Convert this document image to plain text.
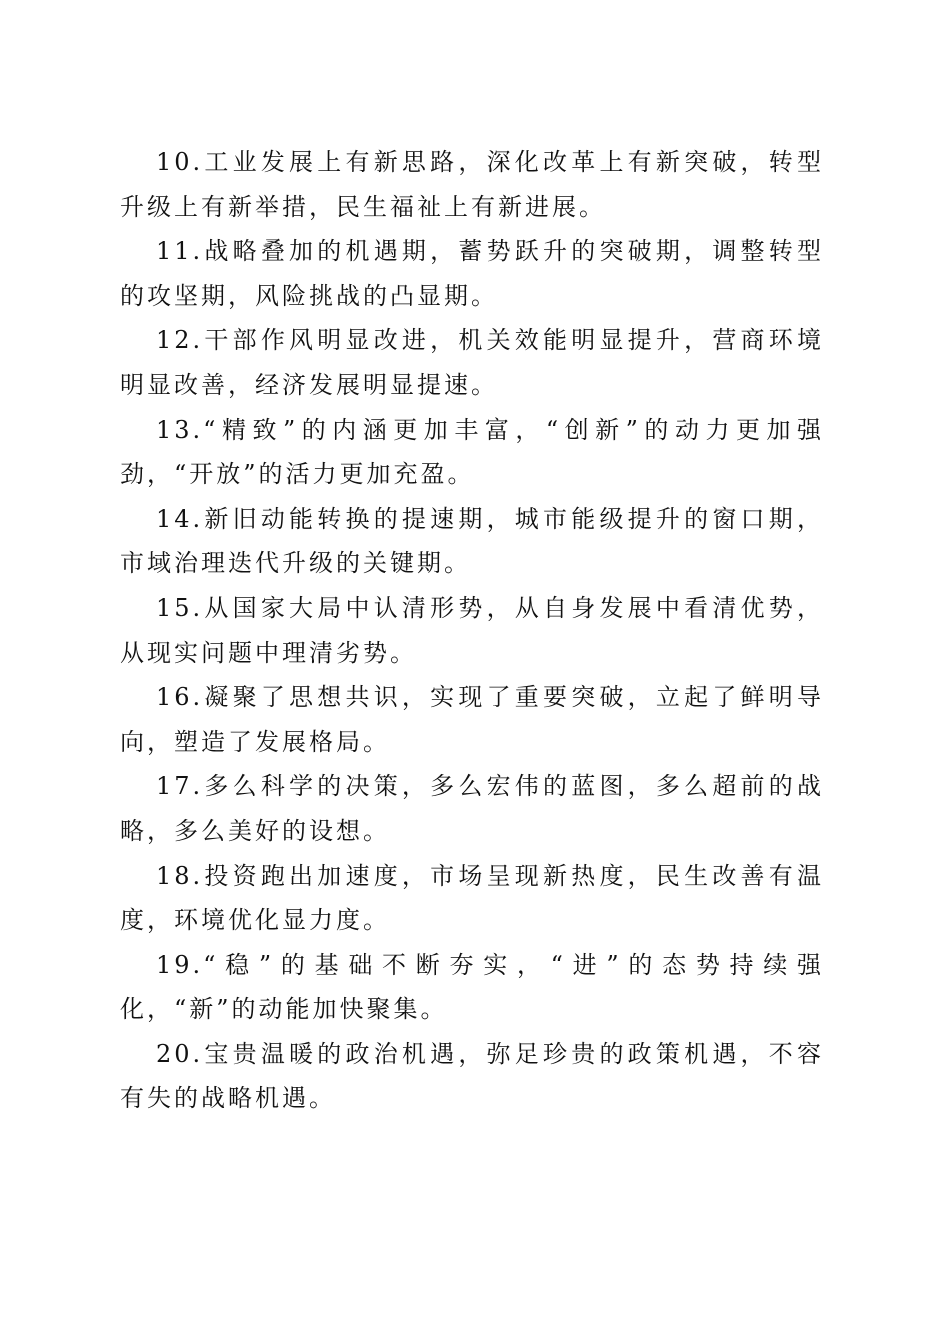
10.工业发展上有新思路，深化改革上有新突破，转型升级上有新举措，民生福祉上有新进展。

11.战略叠加的机遇期，蓄势跃升的突破期，调整转型的攻坚期，风险挑战的凸显期。

12.干部作风明显改进，机关效能明显提升，营商环境明显改善，经济发展明显提速。

13.“精致”的内涵更加丰富，“创新”的动力更加强劲，“开放”的活力更加充盈。

14.新旧动能转换的提速期，城市能级提升的窗口期，市域治理迭代升级的关键期。

15.从国家大局中认清形势，从自身发展中看清优势，从现实问题中理清劣势。

16.凝聚了思想共识，实现了重要突破，立起了鲜明导向，塑造了发展格局。

17.多么科学的决策，多么宏伟的蓝图，多么超前的战略，多么美好的设想。

18.投资跑出加速度，市场呈现新热度，民生改善有温度，环境优化显力度。

19.“稳”的基础不断夯实，“进”的态势持续强化，“新”的动能加快聚集。

20.宝贵温暖的政治机遇，弥足珍贵的政策机遇，不容有失的战略机遇。
